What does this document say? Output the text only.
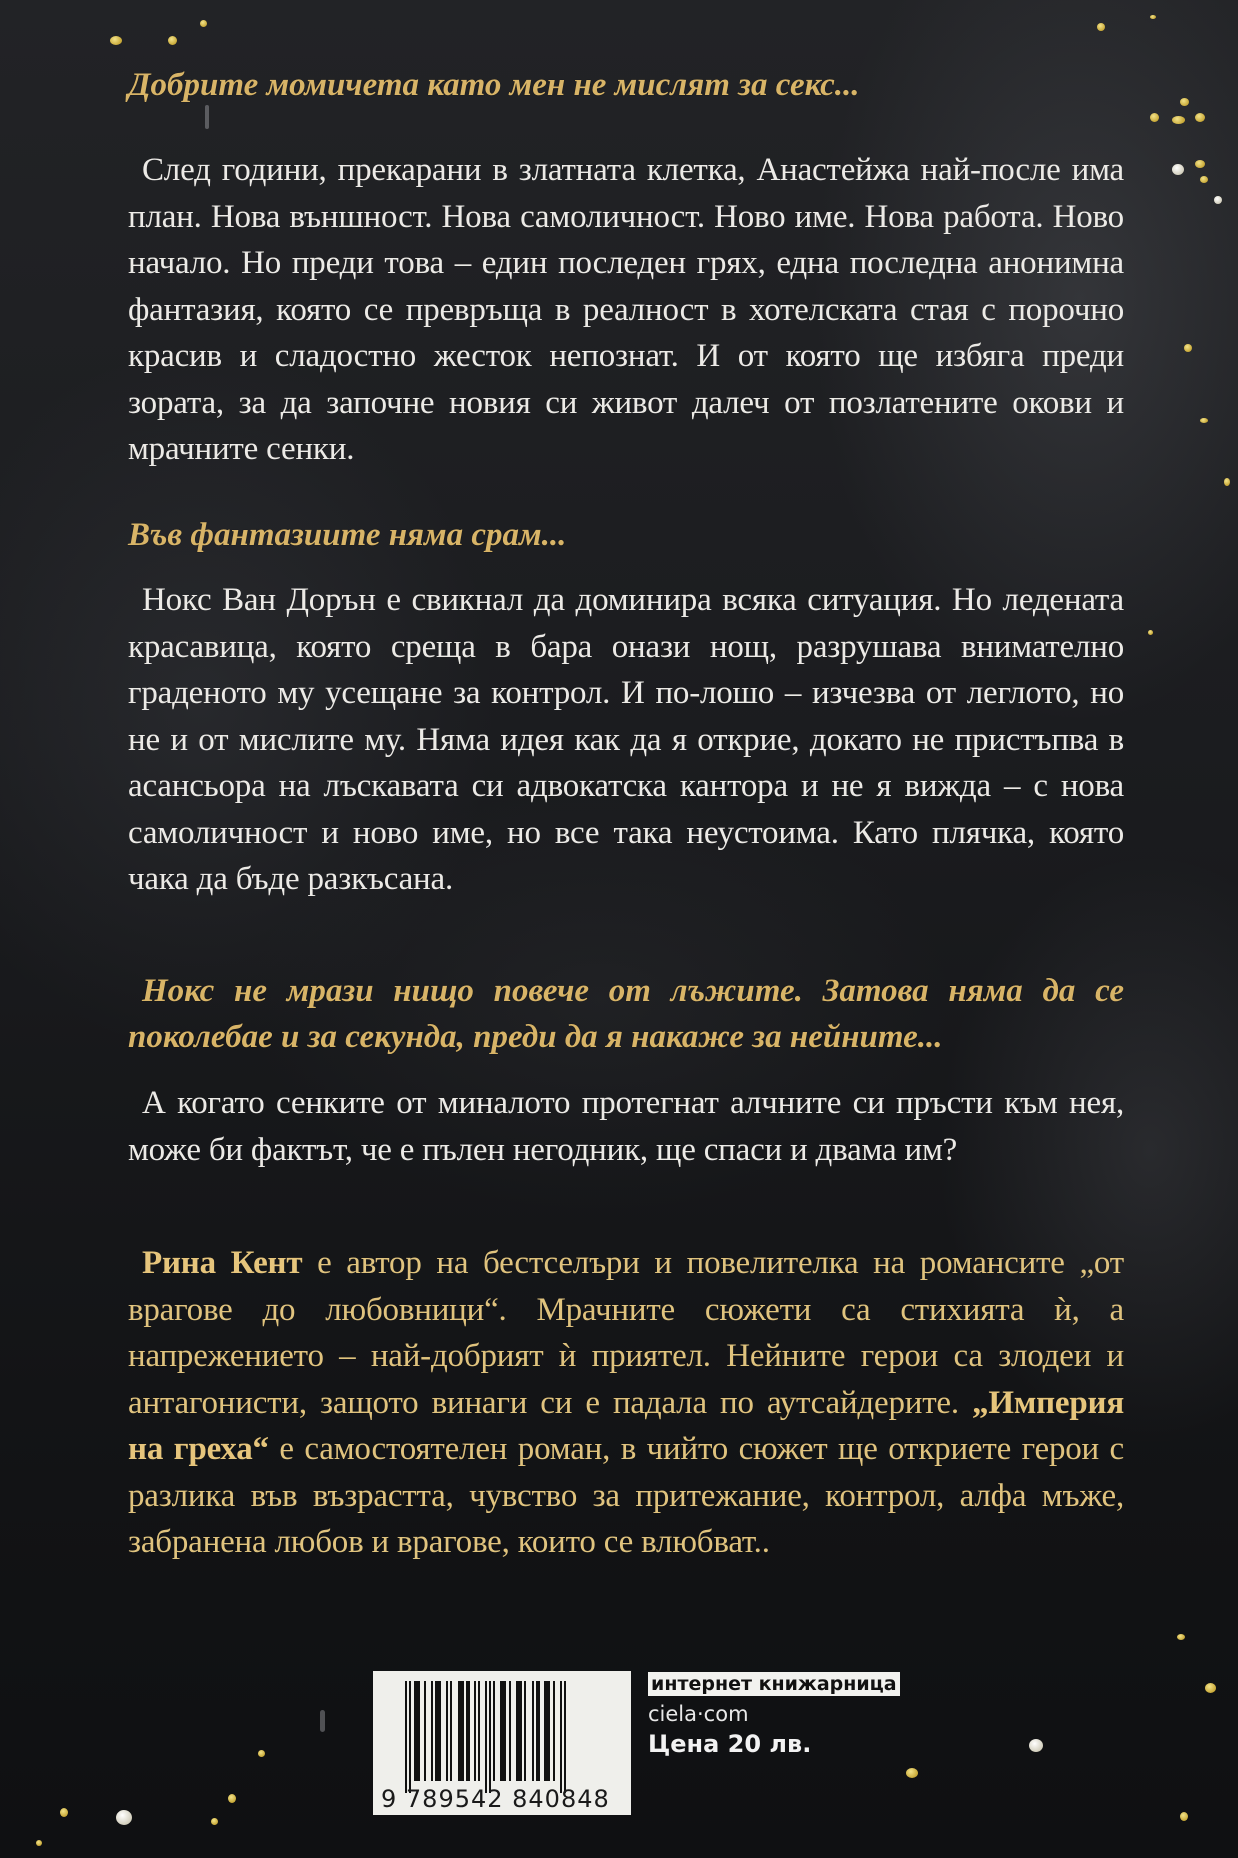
Добрите момичета като мен не мислят за секс...
След години, прекарани в златната клетка, Анастейжа най-после има план. Нова външност. Нова самоличност. Ново име. Нова работа. Ново начало. Но преди това – един последен грях, една последна анонимна фантазия, която се превръща в реалност в хотелската стая с порочно красив и сладостно жесток непознат. И от която ще избяга преди зората, за да започне новия си живот далеч от позлатените окови и мрачните сенки.
Във фантазиите няма срам...
Нокс Ван Дорън е свикнал да доминира всяка ситуация. Но ледената красавица, която среща в бара онази нощ, разрушава внимателно граденото му усещане за контрол. И по-лошо – изчезва от леглото, но не и от мислите му. Няма идея как да я открие, докато не пристъпва в асансьора на лъскавата си адвокатска кантора и не я вижда – с нова самоличност и ново име, но все така неустоима. Като плячка, която чака да бъде разкъсана.
Нокс не мрази нищо повече от лъжите. Затова няма да се поколебае и за секунда, преди да я накаже за нейните...
А когато сенките от миналото протегнат алчните си пръсти към нея, може би фактът, че е пълен негодник, ще спаси и двама им?
Рина Кент е автор на бестселъри и повелителка на романсите „от врагове до любовници“. Мрачните сюжети са стихията ѝ, а напрежението – най-добрият ѝ приятел. Нейните герои са злодеи и антагонисти, защото винаги си е падала по аутсайдерите. „Империя на греха“ е самостоятелен роман, в чийто сюжет ще откриете герои с разлика във възрастта, чувство за притежание, контрол, алфа мъже, забранена любов и врагове, които се влюбват..
9 789542 840848
интернет книжарница
ciela·com
Цена 20 лв.
